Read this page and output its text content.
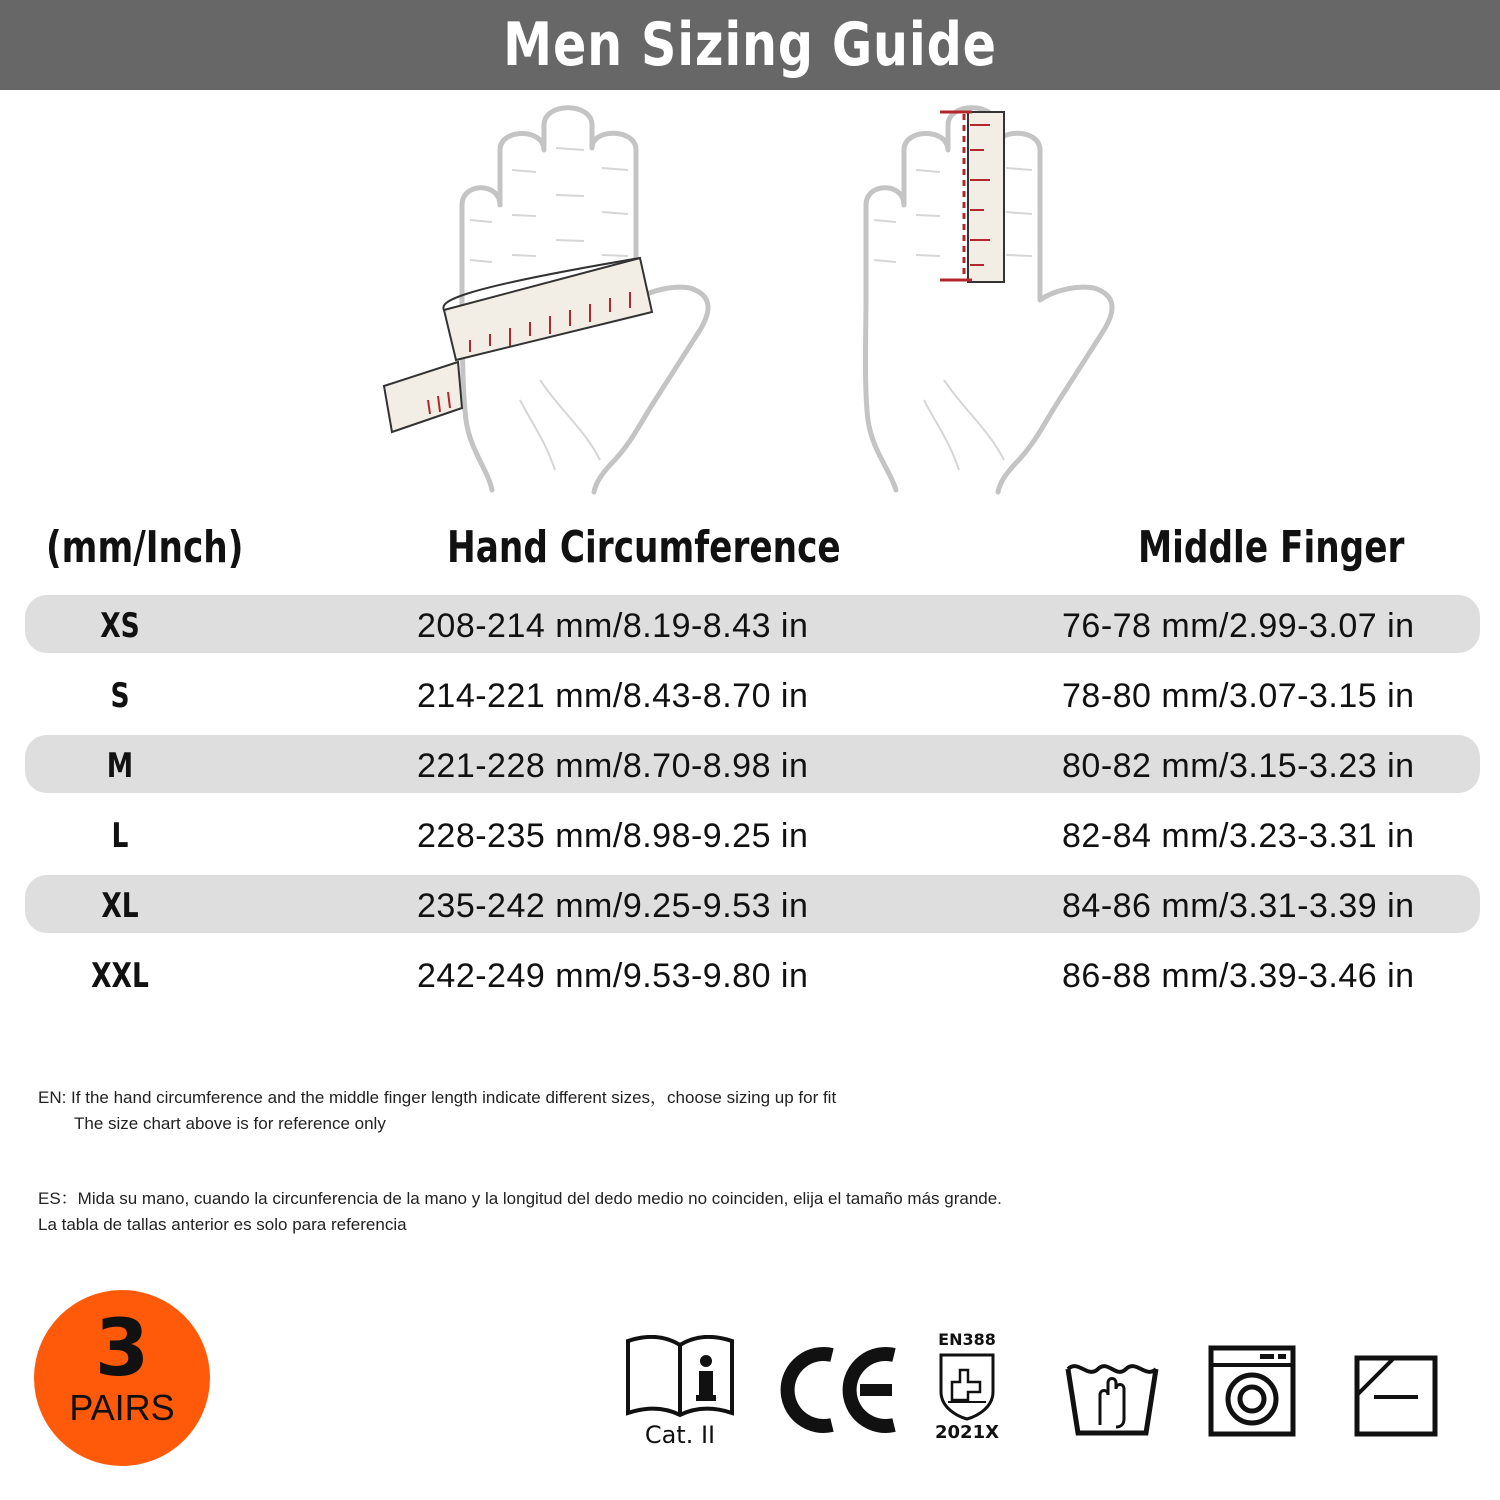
Men Sizing Guide
(mm/Inch)	Hand Circumference	Middle Finger
XS	208-214 mm/8.19-8.43 in	76-78 mm/2.99-3.07 in
S	214-221 mm/8.43-8.70 in	78-80 mm/3.07-3.15 in
M	221-228 mm/8.70-8.98 in	80-82 mm/3.15-3.23 in
L	228-235 mm/8.98-9.25 in	82-84 mm/3.23-3.31 in
XL	235-242 mm/9.25-9.53 in	84-86 mm/3.31-3.39 in
XXL	242-249 mm/9.53-9.80 in	86-88 mm/3.39-3.46 in
EN: If the hand circumference and the middle finger length indicate different sizes，choose sizing up for fit
The size chart above is for reference only
ES：Mida su mano, cuando la circunferencia de la mano y la longitud del dedo medio no coinciden, elija el tamaño más grande.
La tabla de tallas anterior es solo para referencia
3
PAIRS
Cat. II
EN388
2021X
